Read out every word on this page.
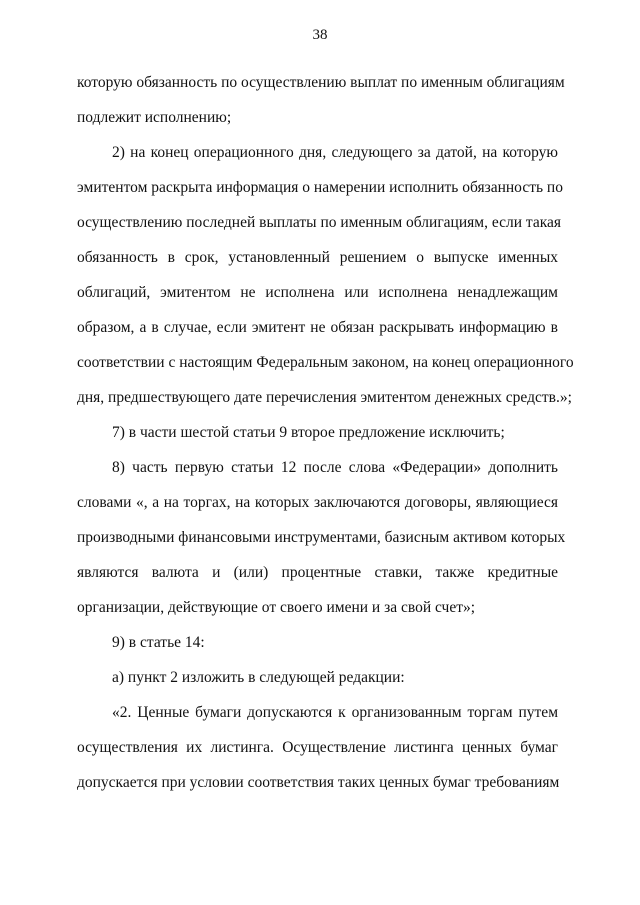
38
которую обязанность по осуществлению выплат по именным облигациям
подлежит исполнению;
2) на конец операционного дня, следующего за датой, на которую
эмитентом раскрыта информация о намерении исполнить обязанность по
осуществлению последней выплаты по именным облигациям, если такая
обязанность в срок, установленный решением о выпуске именных
облигаций, эмитентом не исполнена или исполнена ненадлежащим
образом, а в случае, если эмитент не обязан раскрывать информацию в
соответствии с настоящим Федеральным законом, на конец операционного
дня, предшествующего дате перечисления эмитентом денежных средств.»;
7) в части шестой статьи 9 второе предложение исключить;
8) часть первую статьи 12 после слова «Федерации» дополнить
словами «, а на торгах, на которых заключаются договоры, являющиеся
производными финансовыми инструментами, базисным активом которых
являются валюта и (или) процентные ставки, также кредитные
организации, действующие от своего имени и за свой счет»;
9) в статье 14:
а) пункт 2 изложить в следующей редакции:
«2. Ценные бумаги допускаются к организованным торгам путем
осуществления их листинга. Осуществление листинга ценных бумаг
допускается при условии соответствия таких ценных бумаг требованиям
